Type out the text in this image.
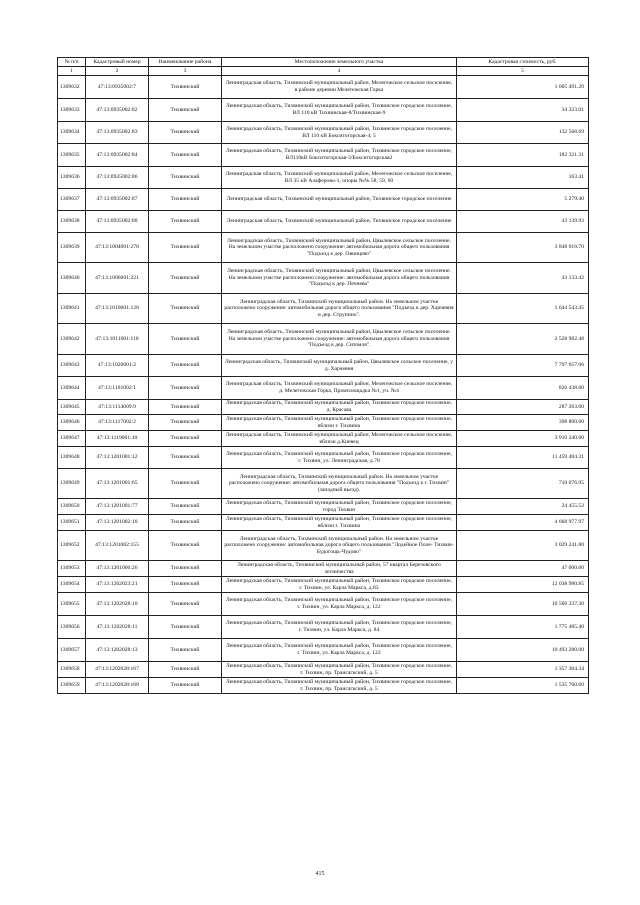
№ п/п	Кадастровый номер	Наименование района	Местоположение земельного участка	Кадастровая стоимость, руб.
1	2	3	4	5
1309632	47:13:0935002:7	Тихвинский	Ленинградская область, Тихвинский муниципальный район, Мелегежское сельское поселение, в районе деревни Мелегежская Горка	1 005 491.20
1309633	47:13:0935002:82	Тихвинский	Ленинградская область, Тихвинский муниципальный район, Тихвинское городское поселение, ВЛ 110 кВ Тихвинская-8/Тихвинская-9	34 323.01
1309634	47:13:0935002:83	Тихвинский	Ленинградская область, Тихвинский муниципальный район, Тихвинское городское поселение, ВЛ 110 кВ Бокситогорская-4, 5	132 568.69
1309635	47:13:0935002:84	Тихвинский	Ленинградская область, Тихвинский муниципальный район, Тихвинское городское поселение, ВЛ110кВ Бокситогорская-3/Бокситогорская2	182 321.31
1309636	47:13:0935002:86	Тихвинский	Ленинградская область, Тихвинский муниципальный район, Мелегежское сельское поселение, ВЛ 35 кВ Алаферово-1, опоры №№ 58, 59, 60	163.41
1309637	47:13:0935002:87	Тихвинский	Ленинградская область, Тихвинский муниципальный район, Тихвинское городское поселение	5 279.40
1309638	47:13:0935002:88	Тихвинский	Ленинградская область, Тихвинский муниципальный район, Тихвинское городское поселение	43 139.93
1309639	47:13:1004001:278	Тихвинский	Ленинградская область, Тихвинский муниципальный район, Цвылевское сельское поселение. На земельном участке расположено сооружение: автомобильная дорога общего пользования "Подъезд к дер. Овинцево"	3 848 016.70
1309640	47:13:1006001:221	Тихвинский	Ленинградская область, Тихвинский муниципальный район, Цвылевское сельское поселение. На земельном участке расположено сооружение: автомобильная дорога общего пользования "Подъезд к дер. Печнева"	43 133.42
1309641	47:13:1010001:128	Тихвинский	Ленинградская область, Тихвинский муниципальный район. На земельном участке расположено сооружение: автомобильная дорога общего пользования "Подъезд к дер. Харчевня и дер. Струпино".	1 644 543.45
1309642	47:13:1011001:118	Тихвинский	Ленинградская область, Тихвинский муниципальный район, Цвылевское сельское поселение. На земельном участке расположено сооружение: автомобильная дорога общего пользования "Подъезд к дер. Ситомля".	2 528 982.48
1309643	47:13:1020001:2	Тихвинский	Ленинградская область, Тихвинский муниципальный район, Цвылевское сельское поселение, у д. Харчевня	7 797 657.06
1309644	47:13:1101002:1	Тихвинский	Ленинградская область, Тихвинский муниципальный район, Мелегежское сельское поселение, д. Мелегежская Горка, Промплощадка №1, уч. №4	826 438.00
1309645	47:13:1114009:9	Тихвинский	Ленинградская область, Тихвинский муниципальный район, Тихвинское городское поселение, д. Красава	287 263.00
1309646	47:13:1117002:2	Тихвинский	Ленинградская область, Тихвинский муниципальный район, Тихвинское городское поселение, вблизи г. Тихвина	398 800.00
1309647	47:13:1119001:10	Тихвинский	Ленинградская область, Тихвинский муниципальный район, Мелегежское сельское поселение, вблизи д.Киевец	3 910 340.00
1309648	47:13:1201001:12	Тихвинский	Ленинградская область, Тихвинский муниципальный район, Тихвинское городское поселение, г. Тихвин, ул. Ленинградская, д.78	11 459 484.31
1309649	47:13:1201001:65	Тихвинский	Ленинградская область, Тихвинский муниципальный район. На земельном участке расположено сооружение: автомобильная дорога общего пользования "Подъезд к г. Тихвин"(западный въезд).	710 076.95
1309650	47:13:1201001:77	Тихвинский	Ленинградская область, Тихвинский муниципальный район, Тихвинское городское поселение, город Тихвин	24 455.52
1309651	47:13:1201002:10	Тихвинский	Ленинградская область, Тихвинский муниципальный район, Тихвинское городское поселение, вблизи г. Тихвина	4 668 977.97
1309652	47:13:1201002:155	Тихвинский	Ленинградская область, Тихвинский муниципальный район. На земельном участке расположено сооружение: автомобильная дорога общего пользования "Лодейное Поле- Тихвин-Будогощь-Чудово"	3 029 241.80
1309653	47:13:1201006:26	Тихвинский	Ленинградская область, Тихвинский муниципальный район, 57 квартал Березовского лесничества	47 000.00
1309654	47:13:1202023:21	Тихвинский	Ленинградская область, Тихвинский муниципальный район, Тихвинское городское поселение, г. Тихвин, ул. Карла Маркса, д.83	12 038 980.85
1309655	47:13:1202028:10	Тихвинский	Ленинградская область, Тихвинский муниципальный район, Тихвинское городское поселение, г. Тихвин, ул. Карла Маркса, д. 122	10 566 337.30
1309656	47:13:1202028:11	Тихвинский	Ленинградская область, Тихвинский муниципальный район, Тихвинское городское поселение, г. Тихвин, ул. Карла Маркса, д. 84	1 775 485.40
1309657	47:13:1202028:13	Тихвинский	Ленинградская область, Тихвинский муниципальный район, Тихвинское городское поселение, г. Тихвин, ул. Карла Маркса, д. 122	10 493 280.00
1309658	47:13:1202028:167	Тихвинский	Ленинградская область, Тихвинский муниципальный район, Тихвинское городское поселение, г. Тихвин, пр. Трансагкский, д. 5	1 357 304.34
1309659	47:13:1202028:168	Тихвинский	Ленинградская область, Тихвинский муниципальный район, Тихвинское городское поселение, г. Тихвин, пр. Трансагкский, д. 5	1 535 760.60
415
